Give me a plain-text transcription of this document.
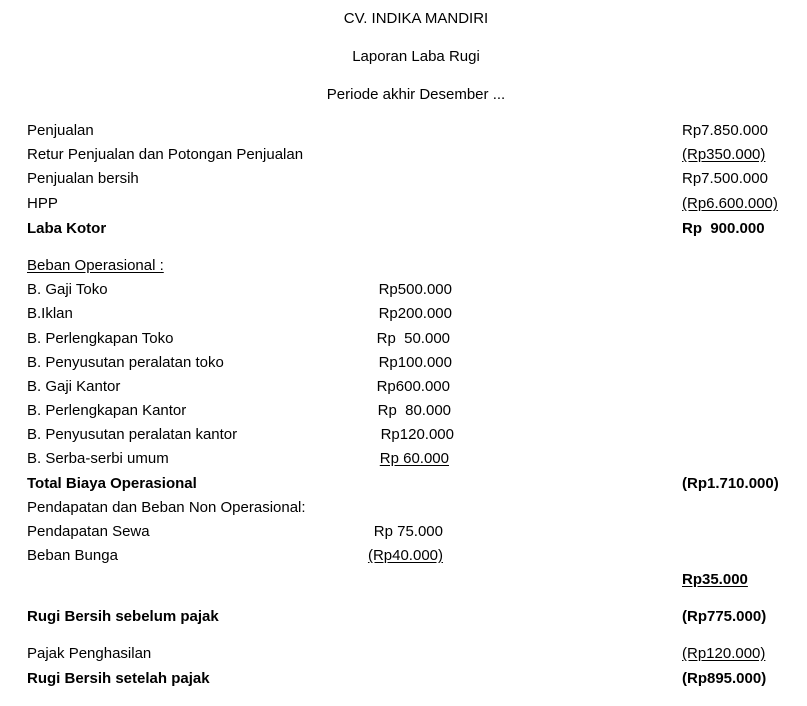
CV. INDIKA MANDIRI
Laporan Laba Rugi
Periode akhir Desember ...
Penjualan	Rp7.850.000
Retur Penjualan dan Potongan Penjualan	(Rp350.000)
Penjualan bersih	Rp7.500.000
HPP	(Rp6.600.000)
Laba Kotor	Rp  900.000
Beban Operasional :
B. Gaji Toko	Rp500.000
B.Iklan	Rp200.000
B. Perlengkapan Toko	Rp  50.000
B. Penyusutan peralatan toko	Rp100.000
B. Gaji Kantor	Rp600.000
B. Perlengkapan Kantor	Rp  80.000
B. Penyusutan peralatan kantor	Rp120.000
B. Serba-serbi umum	Rp 60.000
Total Biaya Operasional	(Rp1.710.000)
Pendapatan dan Beban Non Operasional:
Pendapatan Sewa	Rp 75.000
Beban Bunga	(Rp40.000)
Rp35.000
Rugi Bersih sebelum pajak	(Rp775.000)
Pajak Penghasilan	(Rp120.000)
Rugi Bersih setelah pajak	(Rp895.000)
